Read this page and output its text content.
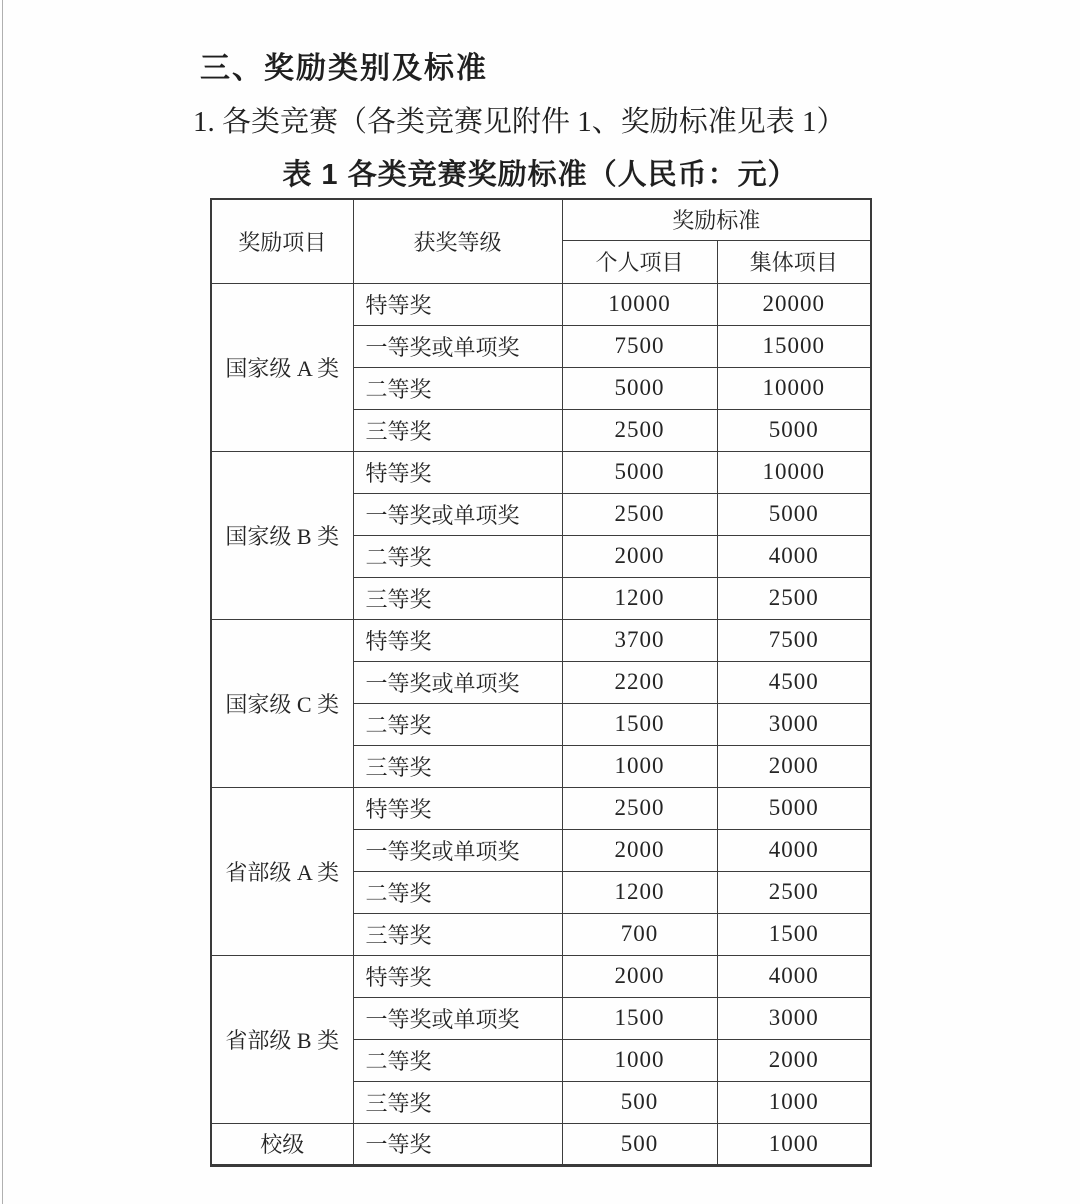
三、奖励类别及标准

1. 各类竞赛（各类竞赛见附件 1、奖励标准见表 1）

表 1 各类竞赛奖励标准（人民币：元）
奖励项目	获奖等级	奖励标准	
		个人项目	集体项目
国家级 A 类	特等奖	10000	20000
	一等奖或单项奖	7500	15000
	二等奖	5000	10000
	三等奖	2500	5000
国家级 B 类	特等奖	5000	10000
	一等奖或单项奖	2500	5000
	二等奖	2000	4000
	三等奖	1200	2500
国家级 C 类	特等奖	3700	7500
	一等奖或单项奖	2200	4500
	二等奖	1500	3000
	三等奖	1000	2000
省部级 A 类	特等奖	2500	5000
	一等奖或单项奖	2000	4000
	二等奖	1200	2500
	三等奖	700	1500
省部级 B 类	特等奖	2000	4000
	一等奖或单项奖	1500	3000
	二等奖	1000	2000
	三等奖	500	1000
校级	一等奖	500	1000
